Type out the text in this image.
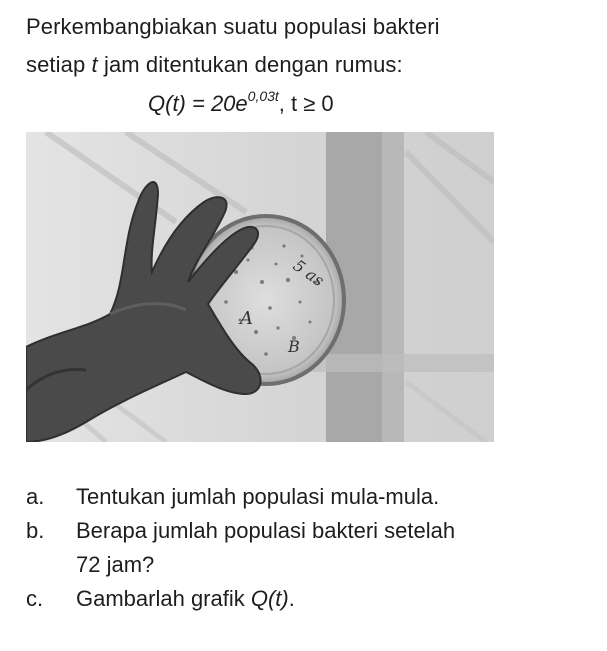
Perkembangbiakan suatu populasi bakteri
setiap t jam ditentukan dengan rumus:
$Q(t) = 20e^{0,03t}$, t ≥ 0
5 as
A
B
a.	Tentukan jumlah populasi mula-mula.
b.	Berapa jumlah populasi bakteri setelah
72 jam?
c.	Gambarlah grafik Q(t).
